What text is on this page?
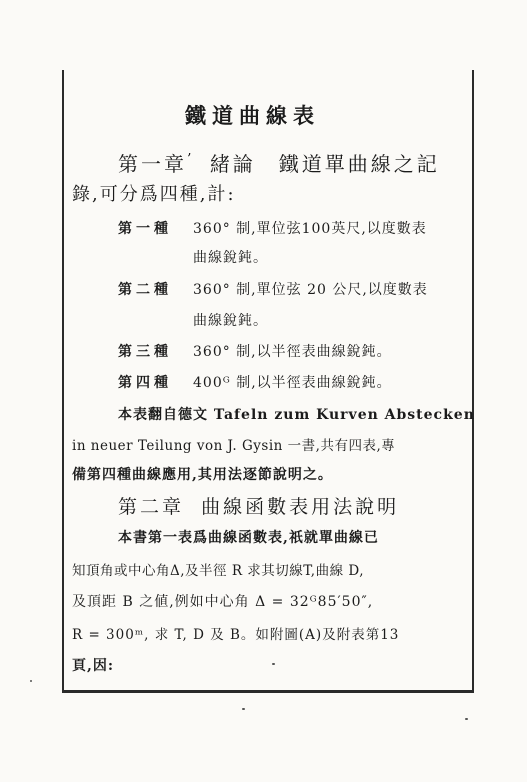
鐵道曲線表
第一章’ 緒論　鐵道單曲線之記
錄,可分爲四種,計:
第一種 360° 制,單位弦100英尺,以度數表
曲線銳鈍。
第二種 360° 制,單位弦 20 公尺,以度數表
曲線銳鈍。
第三種 360° 制,以半徑表曲線銳鈍。
第四種 400ᴳ 制,以半徑表曲線銳鈍。
本表翻自德文 Tafeln zum Kurven Abstecken
in neuer Teilung von J. Gysin 一書,共有四表,專
備第四種曲線應用,其用法逐節說明之。
第二章 曲線函數表用法說明
本書第一表爲曲線函數表,祇就單曲線已
知頂角或中心角Δ,及半徑 R 求其切線T,曲線 D,
及頂距 B 之値,例如中心角 Δ = 32ᴳ85′50″,
R = 300ᵐ, 求 T, D 及 B。如附圖(A)及附表第13
頁,因:
